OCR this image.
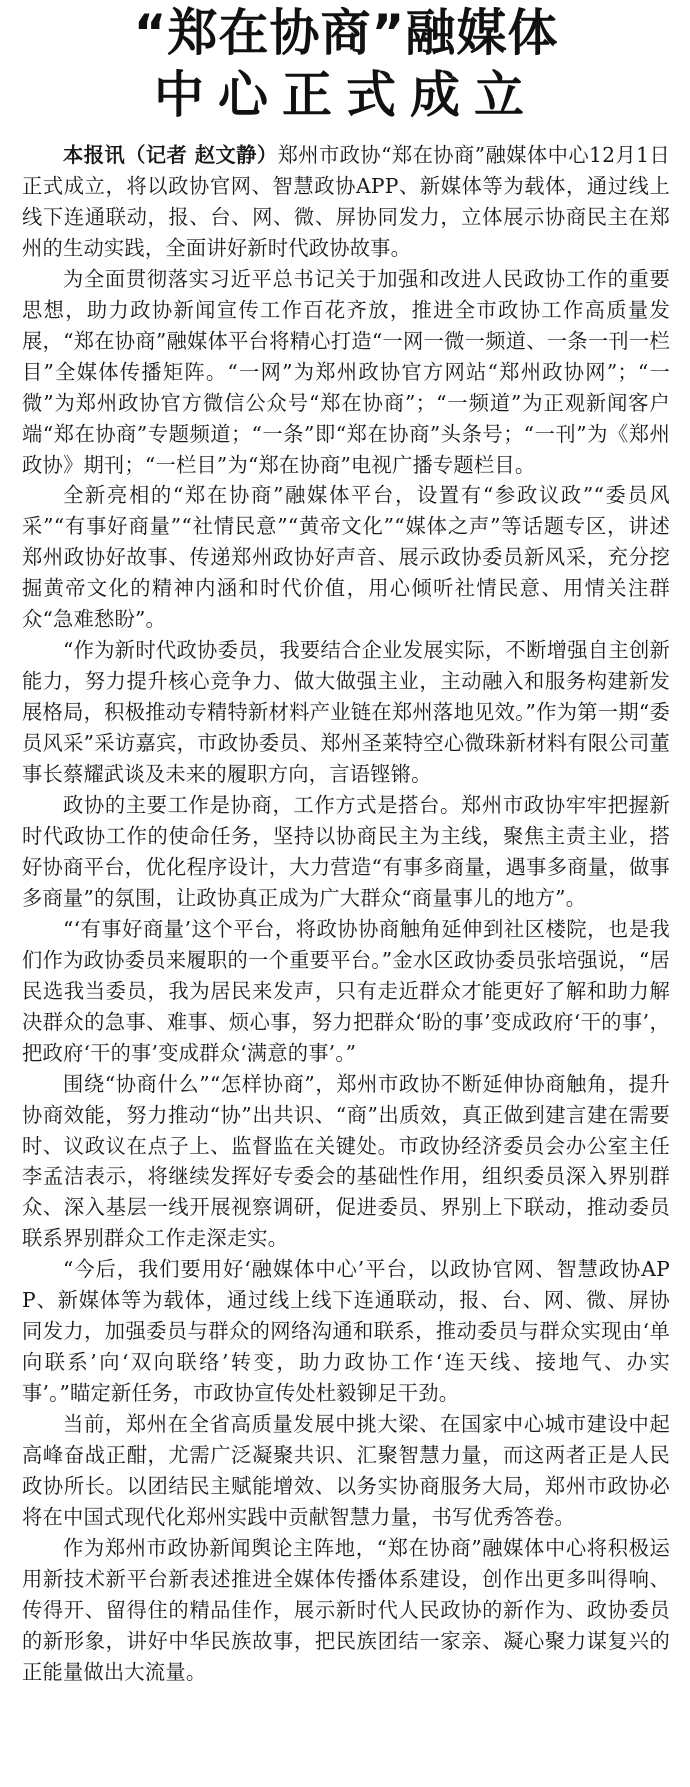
“郑在协商”融媒体
中心正式成立

本报讯（记者 赵文静）郑州市政协“郑在协商”融媒体中心12月1日正式成立，将以政协官网、智慧政协APP、新媒体等为载体，通过线上线下连通联动，报、台、网、微、屏协同发力，立体展示协商民主在郑州的生动实践，全面讲好新时代政协故事。

为全面贯彻落实习近平总书记关于加强和改进人民政协工作的重要思想，助力政协新闻宣传工作百花齐放，推进全市政协工作高质量发展，“郑在协商”融媒体平台将精心打造“一网一微一频道、一条一刊一栏目”全媒体传播矩阵。“一网”为郑州政协官方网站“郑州政协网”；“一微”为郑州政协官方微信公众号“郑在协商”；“一频道”为正观新闻客户端“郑在协商”专题频道；“一条”即“郑在协商”头条号；“一刊”为《郑州政协》期刊；“一栏目”为“郑在协商”电视广播专题栏目。

全新亮相的“郑在协商”融媒体平台，设置有“参政议政”“委员风采”“有事好商量”“社情民意”“黄帝文化”“媒体之声”等话题专区，讲述郑州政协好故事、传递郑州政协好声音、展示政协委员新风采，充分挖掘黄帝文化的精神内涵和时代价值，用心倾听社情民意、用情关注群众“急难愁盼”。

“作为新时代政协委员，我要结合企业发展实际，不断增强自主创新能力，努力提升核心竞争力、做大做强主业，主动融入和服务构建新发展格局，积极推动专精特新材料产业链在郑州落地见效。”作为第一期“委员风采”采访嘉宾，市政协委员、郑州圣莱特空心微珠新材料有限公司董事长蔡耀武谈及未来的履职方向，言语铿锵。

政协的主要工作是协商，工作方式是搭台。郑州市政协牢牢把握新时代政协工作的使命任务，坚持以协商民主为主线，聚焦主责主业，搭好协商平台，优化程序设计，大力营造“有事多商量，遇事多商量，做事多商量”的氛围，让政协真正成为广大群众“商量事儿的地方”。

“‘有事好商量’这个平台，将政协协商触角延伸到社区楼院，也是我们作为政协委员来履职的一个重要平台。”金水区政协委员张培强说，“居民选我当委员，我为居民来发声，只有走近群众才能更好了解和助力解决群众的急事、难事、烦心事，努力把群众‘盼的事’变成政府‘干的事’，把政府‘干的事’变成群众‘满意的事’。”

围绕“协商什么”“怎样协商”，郑州市政协不断延伸协商触角，提升协商效能，努力推动“协”出共识、“商”出质效，真正做到建言建在需要时、议政议在点子上、监督监在关键处。市政协经济委员会办公室主任李孟洁表示，将继续发挥好专委会的基础性作用，组织委员深入界别群众、深入基层一线开展视察调研，促进委员、界别上下联动，推动委员联系界别群众工作走深走实。

“今后，我们要用好‘融媒体中心’平台，以政协官网、智慧政协APP、新媒体等为载体，通过线上线下连通联动，报、台、网、微、屏协同发力，加强委员与群众的网络沟通和联系，推动委员与群众实现由‘单向联系’向‘双向联络’转变，助力政协工作‘连天线、接地气、办实事’。”瞄定新任务，市政协宣传处杜毅铆足干劲。

当前，郑州在全省高质量发展中挑大梁、在国家中心城市建设中起高峰奋战正酣，尤需广泛凝聚共识、汇聚智慧力量，而这两者正是人民政协所长。以团结民主赋能增效、以务实协商服务大局，郑州市政协必将在中国式现代化郑州实践中贡献智慧力量，书写优秀答卷。

作为郑州市政协新闻舆论主阵地，“郑在协商”融媒体中心将积极运用新技术新平台新表述推进全媒体传播体系建设，创作出更多叫得响、传得开、留得住的精品佳作，展示新时代人民政协的新作为、政协委员的新形象，讲好中华民族故事，把民族团结一家亲、凝心聚力谋复兴的正能量做出大流量。
